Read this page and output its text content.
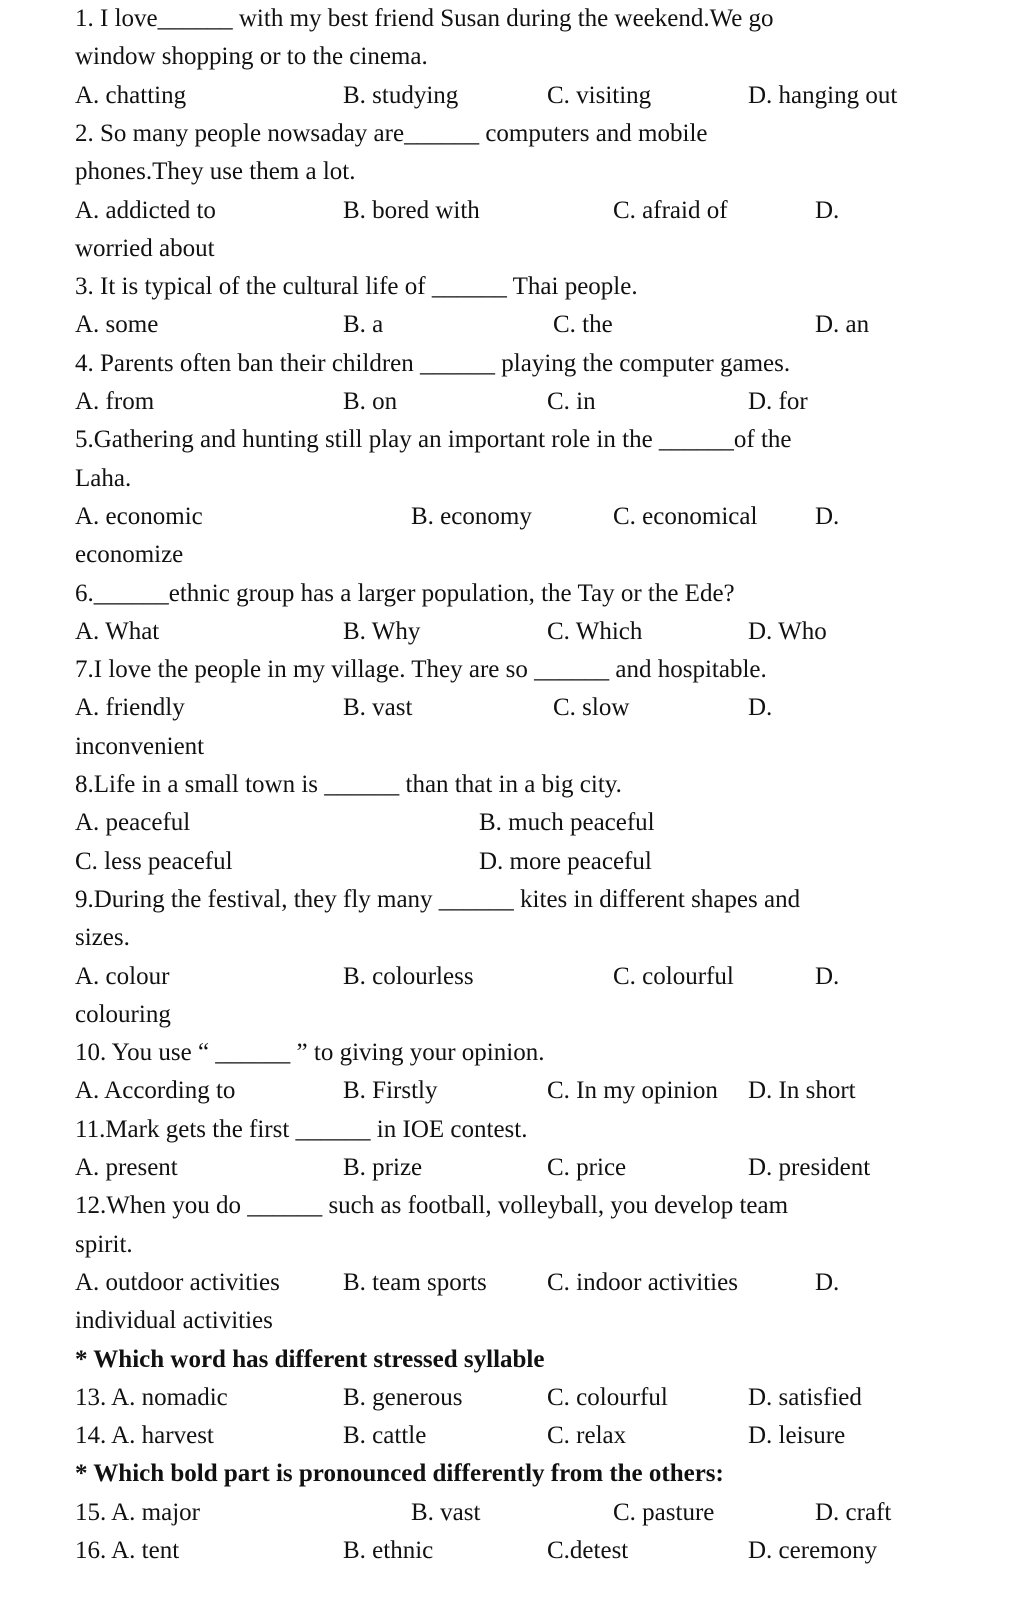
1. I love______ with my best friend Susan during the weekend.We go
window shopping or to the cinema.
A. chatting	B. studying	C. visiting	D. hanging out
2. So many people nowsaday are______ computers and mobile
phones.They use them a lot.
A. addicted to	B. bored with	C. afraid of	D.
worried about
3. It is typical of the cultural life of ______ Thai people.
A. some	B. a	C. the	D. an
4. Parents often ban their children ______ playing the computer games.
A. from	B. on	C. in	D. for
5.Gathering and hunting still play an important role in the ______of the
Laha.
A. economic	B. economy	C. economical D.
economize
6.______ethnic group has a larger population, the Tay or the Ede?
A. What	B. Why	C. Which	D. Who
7.I love the people in my village. They are so ______ and hospitable.
A. friendly	B. vast	C. slow	D.
inconvenient
8.Life in a small town is ______ than that in a big city.
A. peaceful	B. much peaceful
C. less peaceful	D. more peaceful
9.During the festival, they fly many ______ kites in different shapes and
sizes.
A. colour	B. colourless	C. colourful	D.
colouring
10. You use “ ______ ” to giving your opinion.
A. According to	B. Firstly	C. In my opinion D. In short
11.Mark gets the first ______ in IOE contest.
A. present	B. prize	C. price	D. president
12.When you do ______ such as football, volleyball, you develop team
spirit.
A. outdoor activities	B. team sports C. indoor activities	D.
individual activities
* Which word has different stressed syllable
13. A. nomadic	B. generous	C. colourful	D. satisfied
14. A. harvest	B. cattle	C. relax	D. leisure
* Which bold part is pronounced differently from the others:
15. A. major	B. vast	C. pasture	D. craft
16. A. tent	B. ethnic	C.detest	D. ceremony
